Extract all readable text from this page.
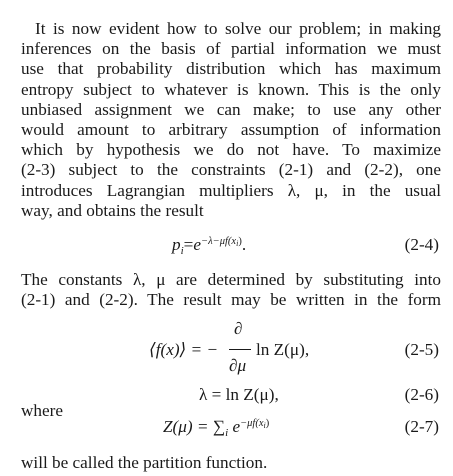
It is now evident how to solve our problem; in making
inferences on the basis of partial information we must
use that probability distribution which has maximum
entropy subject to whatever is known. This is the only
unbiased assignment we can make; to use any other
would amount to arbitrary assumption of information
which by hypothesis we do not have. To maximize
(2-3) subject to the constraints (2-1) and (2-2), one
introduces Lagrangian multipliers λ, μ, in the usual
way, and obtains the result
$p_i=e^{-\lambda-\mu f(xi)}$.	(2-4)
The constants λ, μ are determined by substituting into
(2-1) and (2-2). The result may be written in the form
∂
⟨f(x)⟩ = −
∂μ
ln Z(μ),	(2-5)
λ = ln Z(μ),	(2-6)
where
$Z(\mu) = \sum_i$ $e^{-\mu f(xi)}$	(2-7)
will be called the partition function.
